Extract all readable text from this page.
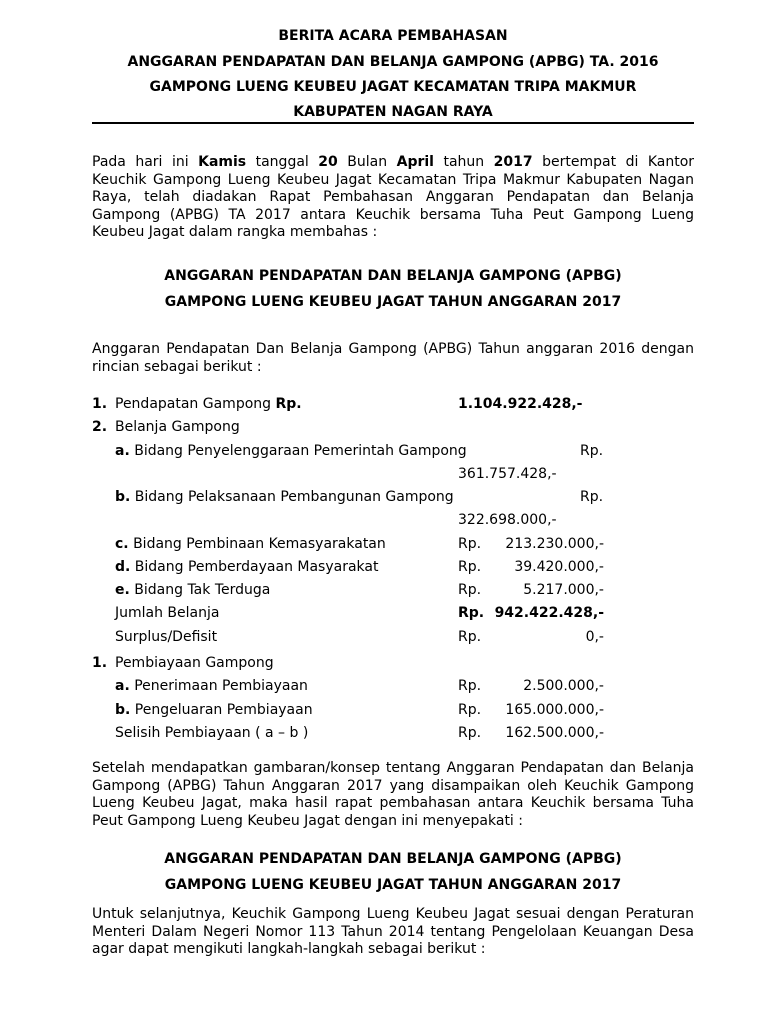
BERITA ACARA PEMBAHASAN
ANGGARAN PENDAPATAN DAN BELANJA GAMPONG (APBG) TA. 2016
GAMPONG LUENG KEUBEU JAGAT KECAMATAN TRIPA MAKMUR
KABUPATEN NAGAN RAYA
Pada hari ini Kamis tanggal 20 Bulan April tahun 2017 bertempat di Kantor
Keuchik Gampong Lueng Keubeu Jagat Kecamatan Tripa Makmur Kabupaten Nagan
Raya, telah diadakan Rapat Pembahasan Anggaran Pendapatan dan Belanja
Gampong (APBG) TA 2017 antara Keuchik bersama Tuha Peut Gampong Lueng
Keubeu Jagat dalam rangka membahas :
ANGGARAN PENDAPATAN DAN BELANJA GAMPONG (APBG)
GAMPONG LUENG KEUBEU JAGAT TAHUN ANGGARAN 2017
Anggaran Pendapatan Dan Belanja Gampong (APBG) Tahun anggaran 2016 dengan
rincian sebagai berikut :
1. Pendapatan Gampong Rp.	1.104.922.428,-
2. Belanja Gampong
a. Bidang Penyelenggaraan Pemerintah Gampong	Rp.
361.757.428,-
b. Bidang Pelaksanaan Pembangunan Gampong	Rp.
322.698.000,-
c. Bidang Pembinaan Kemasyarakatan	Rp. 213.230.000,-
d. Bidang Pemberdayaan Masyarakat	Rp. 39.420.000,-
e. Bidang Tak Terduga	Rp.	5.217.000,-
Jumlah Belanja	Rp. 942.422.428,-
Surplus/Defisit	Rp.	0,-
1. Pembiayaan Gampong
a. Penerimaan Pembiayaan	Rp.	2.500.000,-
b. Pengeluaran Pembiayaan	Rp. 165.000.000,-
Selisih Pembiayaan ( a – b )	Rp. 162.500.000,-
Setelah mendapatkan gambaran/konsep tentang Anggaran Pendapatan dan Belanja
Gampong (APBG) Tahun Anggaran 2017 yang disampaikan oleh Keuchik Gampong
Lueng Keubeu Jagat, maka hasil rapat pembahasan antara Keuchik bersama Tuha
Peut Gampong Lueng Keubeu Jagat dengan ini menyepakati :
ANGGARAN PENDAPATAN DAN BELANJA GAMPONG (APBG)
GAMPONG LUENG KEUBEU JAGAT TAHUN ANGGARAN 2017
Untuk selanjutnya, Keuchik Gampong Lueng Keubeu Jagat sesuai dengan Peraturan
Menteri Dalam Negeri Nomor 113 Tahun 2014 tentang Pengelolaan Keuangan Desa
agar dapat mengikuti langkah-langkah sebagai berikut :
